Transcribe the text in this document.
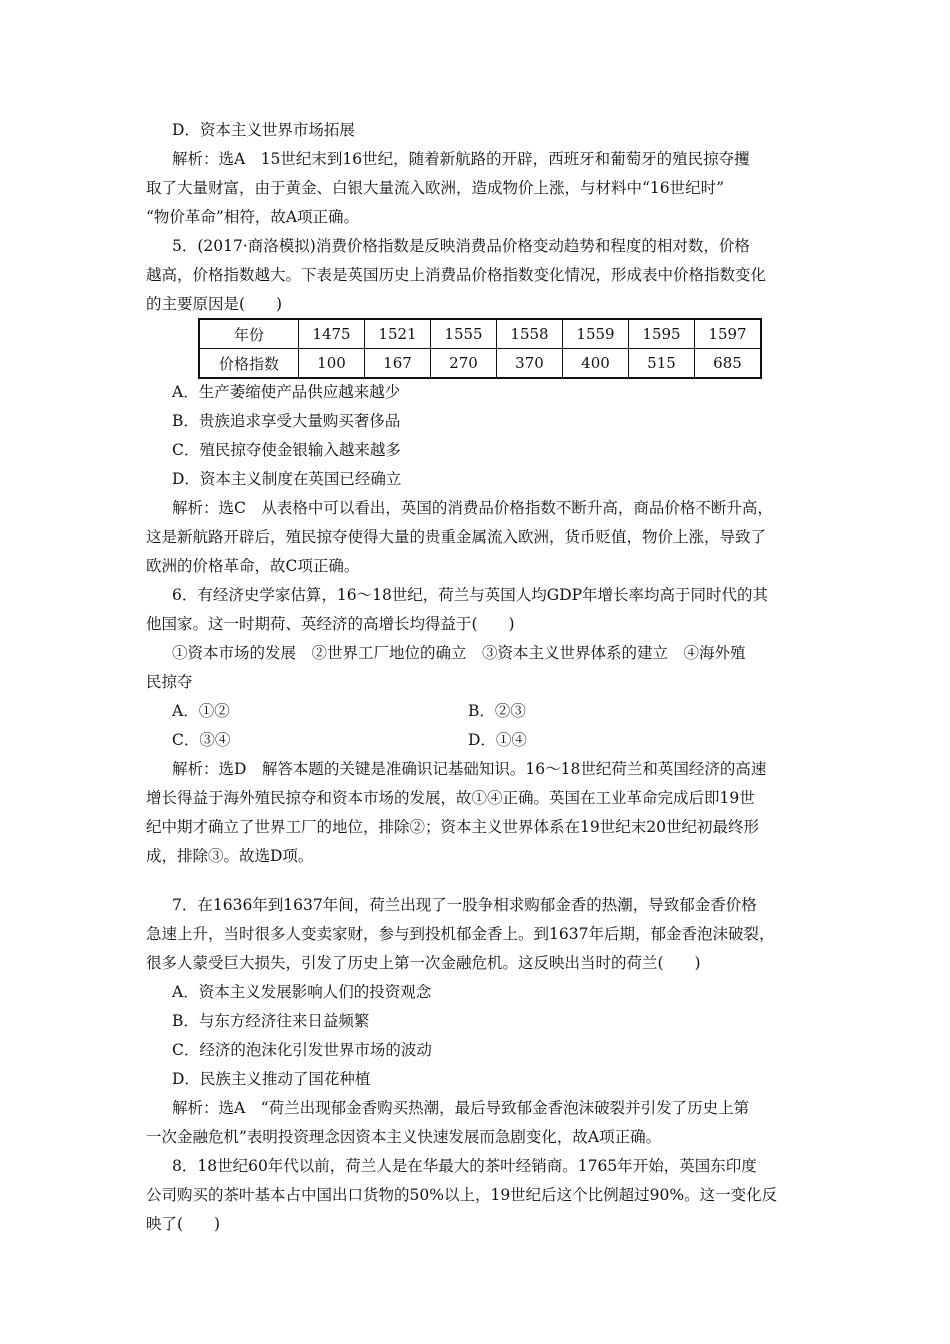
D．资本主义世界市场拓展
解析：选A　15世纪末到16世纪，随着新航路的开辟，西班牙和葡萄牙的殖民掠夺攫
取了大量财富，由于黄金、白银大量流入欧洲，造成物价上涨，与材料中“16世纪时”
“物价革命”相符，故A项正确。
5．(2017·商洛模拟)消费价格指数是反映消费品价格变动趋势和程度的相对数，价格
越高，价格指数越大。下表是英国历史上消费品价格指数变化情况，形成表中价格指数变化
的主要原因是(　　)
年份	1475	1521	1555	1558	1559	1595	1597
价格指数	100	167	270	370	400	515	685
A．生产萎缩使产品供应越来越少
B．贵族追求享受大量购买奢侈品
C．殖民掠夺使金银输入越来越多
D．资本主义制度在英国已经确立
解析：选C　从表格中可以看出，英国的消费品价格指数不断升高，商品价格不断升高，
这是新航路开辟后，殖民掠夺使得大量的贵重金属流入欧洲，货币贬值，物价上涨，导致了
欧洲的价格革命，故C项正确。
6．有经济史学家估算，16～18世纪，荷兰与英国人均GDP年增长率均高于同时代的其
他国家。这一时期荷、英经济的高增长均得益于(　　)
①资本市场的发展　②世界工厂地位的确立　③资本主义世界体系的建立　④海外殖
民掠夺
A．①②	B．②③
C．③④	D．①④
解析：选D　解答本题的关键是准确识记基础知识。16～18世纪荷兰和英国经济的高速
增长得益于海外殖民掠夺和资本市场的发展，故①④正确。英国在工业革命完成后即19世
纪中期才确立了世界工厂的地位，排除②；资本主义世界体系在19世纪末20世纪初最终形
成，排除③。故选D项。
7．在1636年到1637年间，荷兰出现了一股争相求购郁金香的热潮，导致郁金香价格
急速上升，当时很多人变卖家财，参与到投机郁金香上。到1637年后期，郁金香泡沫破裂，
很多人蒙受巨大损失，引发了历史上第一次金融危机。这反映出当时的荷兰(　　)
A．资本主义发展影响人们的投资观念
B．与东方经济往来日益频繁
C．经济的泡沫化引发世界市场的波动
D．民族主义推动了国花种植
解析：选A　“荷兰出现郁金香购买热潮，最后导致郁金香泡沫破裂并引发了历史上第
一次金融危机”表明投资理念因资本主义快速发展而急剧变化，故A项正确。
8．18世纪60年代以前，荷兰人是在华最大的茶叶经销商。1765年开始，英国东印度
公司购买的茶叶基本占中国出口货物的50%以上，19世纪后这个比例超过90%。这一变化反
映了(　　)
